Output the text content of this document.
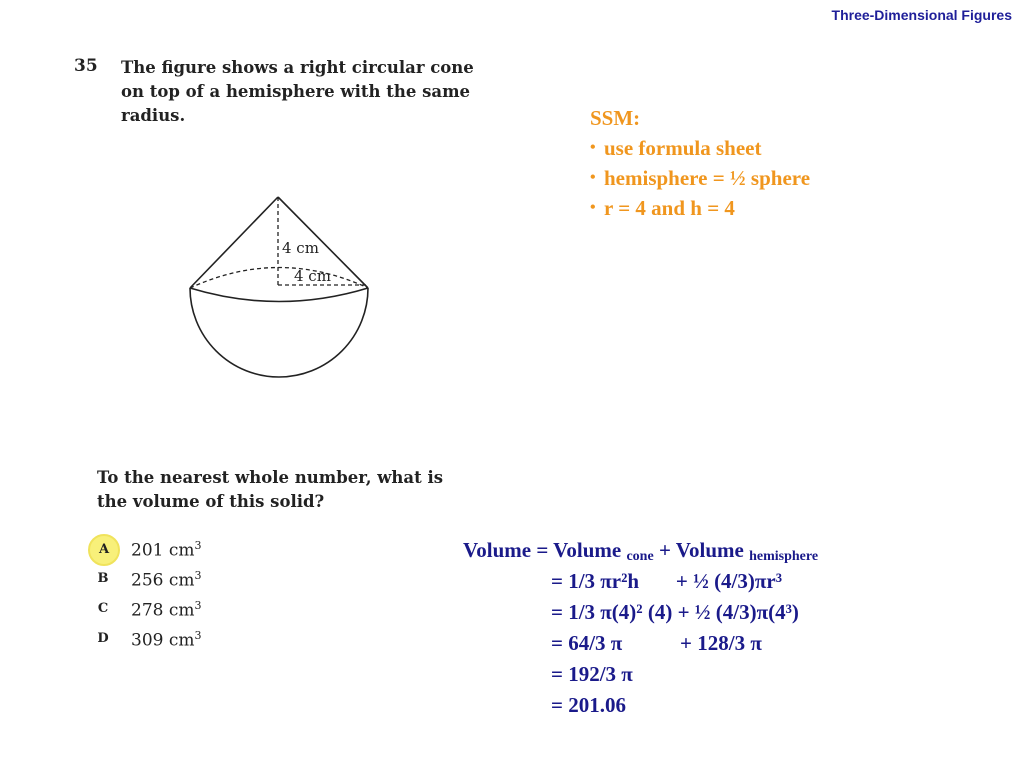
Three-Dimensional Figures
35 The figure shows a right circular cone
on top of a hemisphere with the same
radius.
4 cm
4 cm
To the nearest whole number, what is
the volume of this solid?
A	201 $cm^3$
B	256 $cm^3$
C	278 $cm^3$
D	309 $cm^3$
SSM:
• use formula sheet
• hemisphere = ½ sphere
• r = 4 and h = 4
Volume = Volume $_{cone}$ + Volume $_{hemisphere}$
= 1/3 πr²h       + ½ (4/3)πr³
= 1/3 π(4)² (4) + ½ (4/3)π(4³)
= 64/3 π           + 128/3 π
= 192/3 π
= 201.06
